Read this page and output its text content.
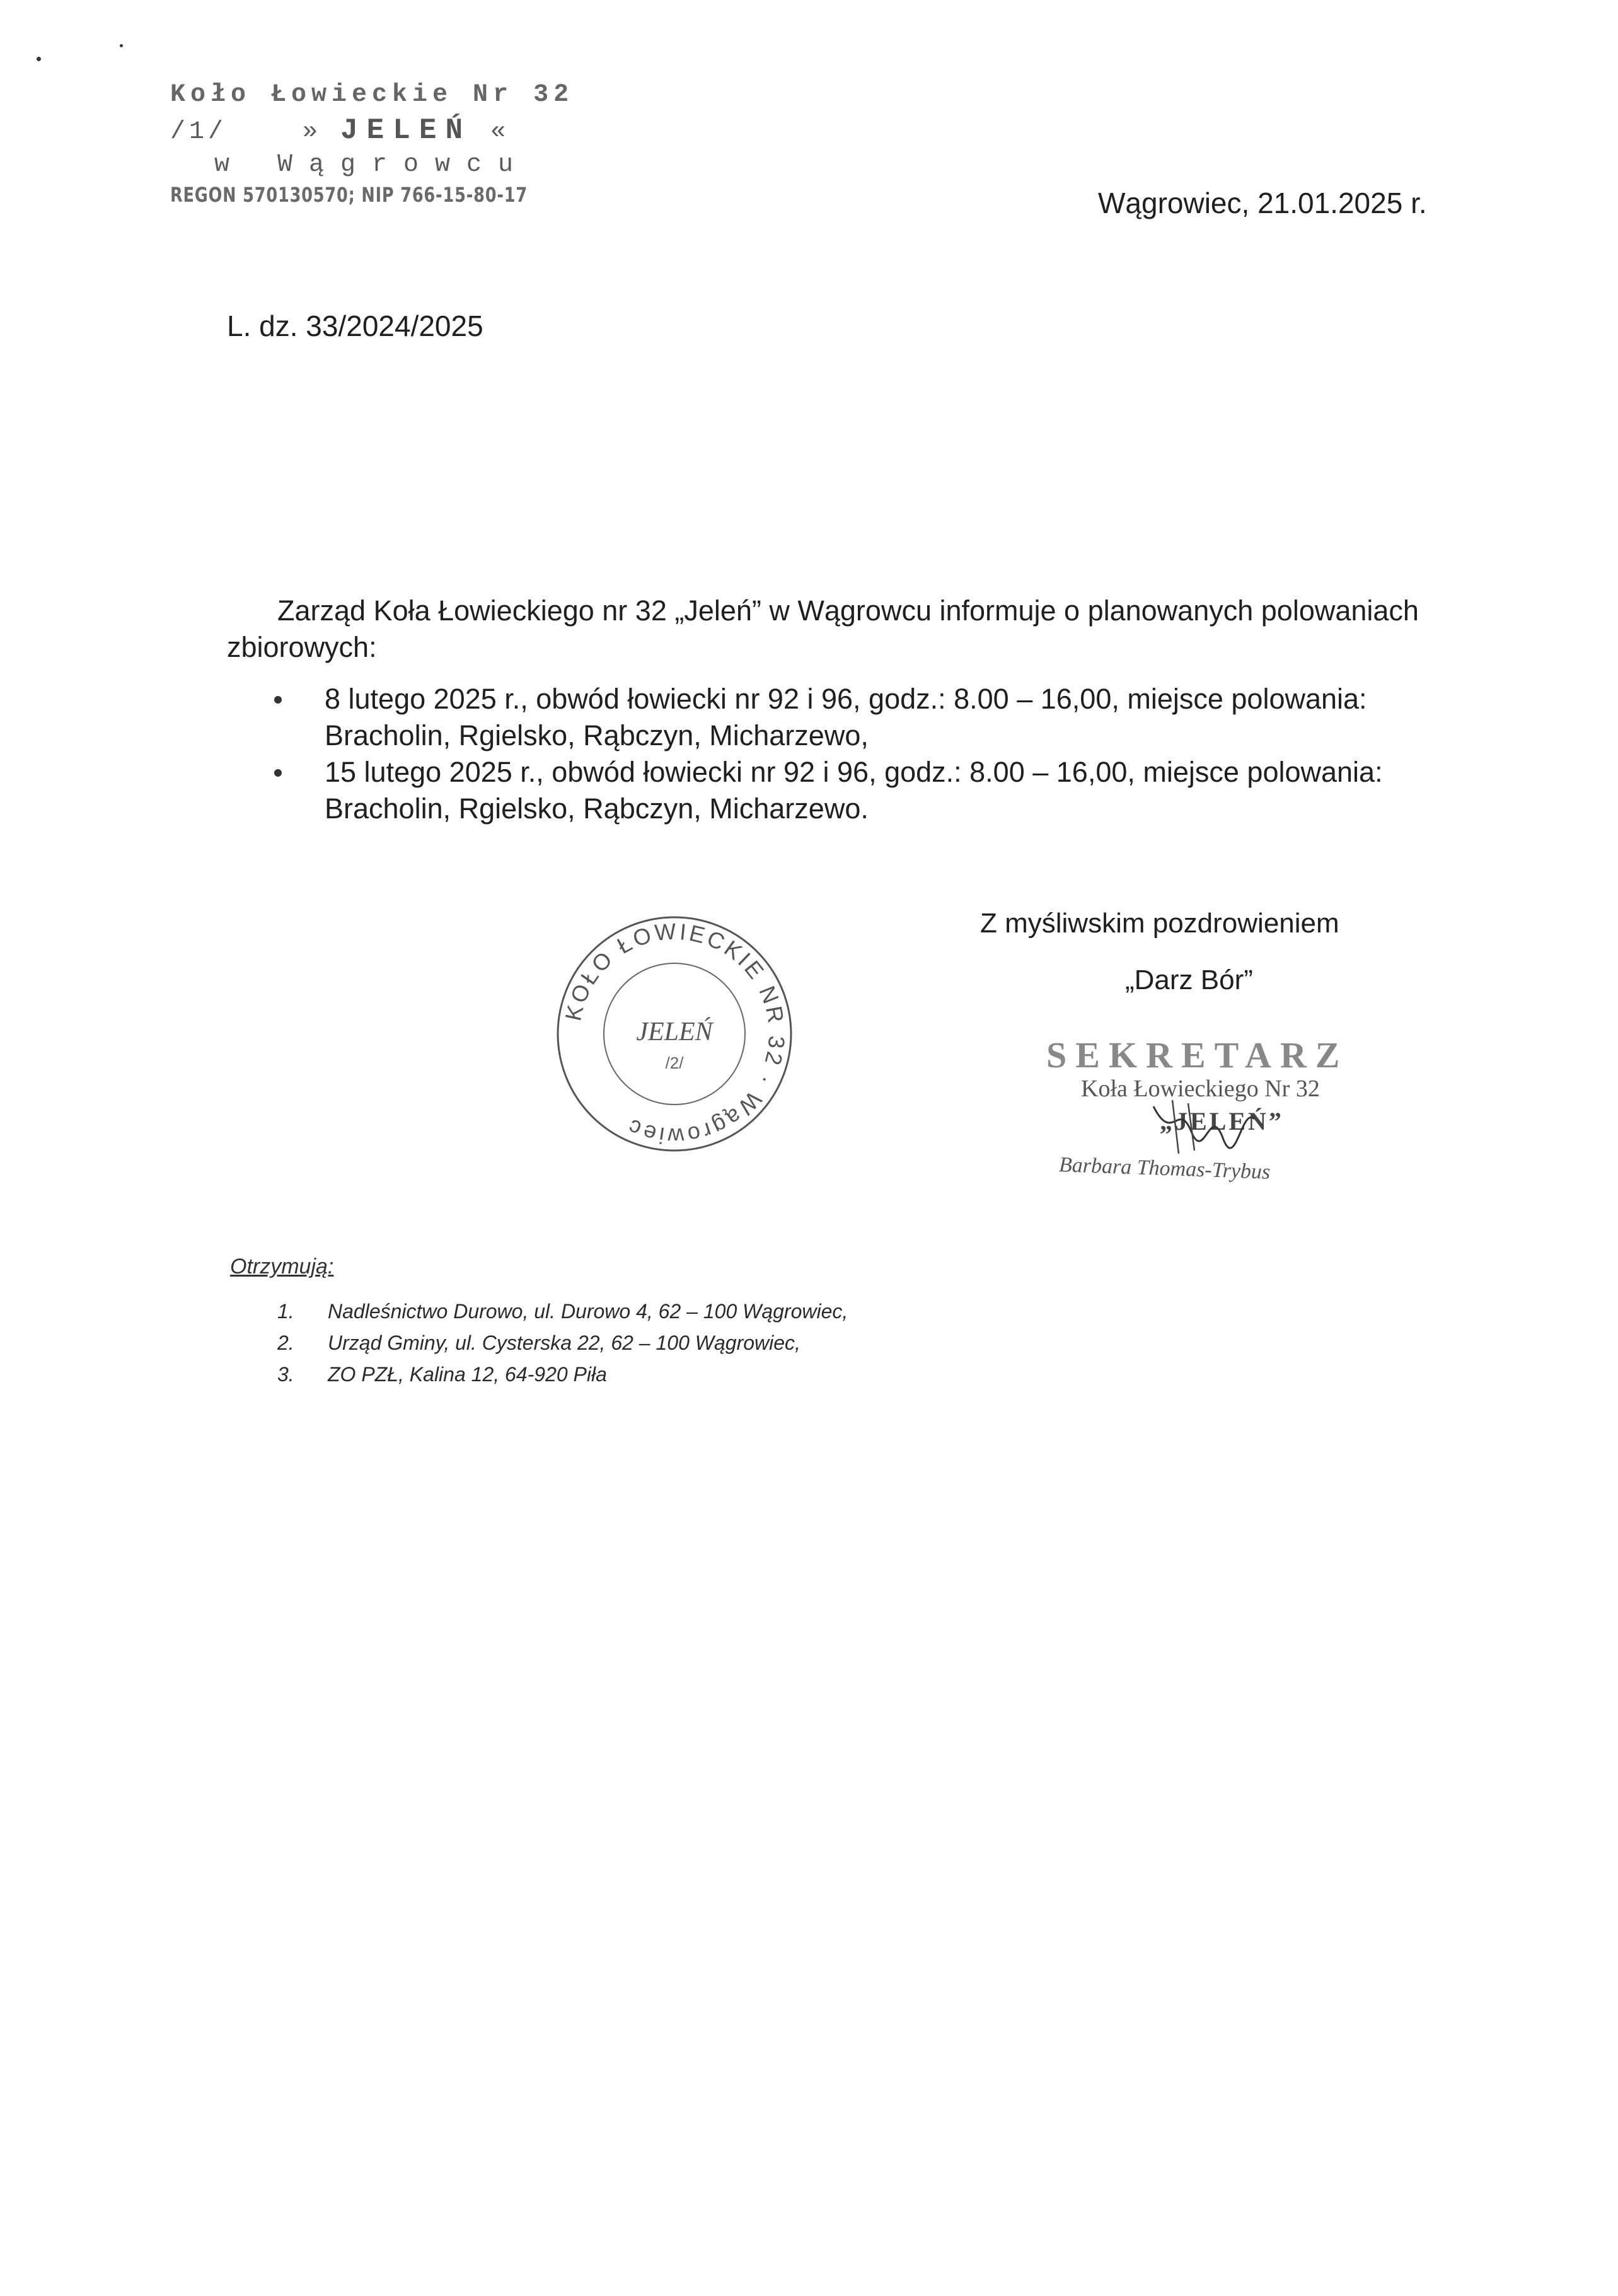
Koło Łowieckie Nr 32
/1/	» JELEŃ «
w Wągrowcu
REGON 570130570; NIP 766-15-80-17	Wągrowiec, 21.01.2025 r.
L. dz. 33/2024/2025
Zarząd Koła Łowieckiego nr 32 „Jeleń” w Wągrowcu informuje o planowanych polowaniach
zbiorowych:
8 lutego 2025 r., obwód łowiecki nr 92 i 96, godz.: 8.00 – 16,00, miejsce polowania:
Bracholin, Rgielsko, Rąbczyn, Micharzewo,
15 lutego 2025 r., obwód łowiecki nr 92 i 96, godz.: 8.00 – 16,00, miejsce polowania:
Bracholin, Rgielsko, Rąbczyn, Micharzewo.
Z myśliwskim pozdrowieniem
„Darz Bór”
KOŁO ŁOWIECKIE NR 32 · Wągrowiec
JELEŃ
/2/	SEKRETARZ
Koła Łowieckiego Nr 32
„JELEŃ”
Barbara Thomas-Trybus
Otrzymują:
1. Nadleśnictwo Durowo, ul. Durowo 4, 62 – 100 Wągrowiec,
2. Urząd Gminy, ul. Cysterska 22, 62 – 100 Wągrowiec,
3. ZO PZŁ, Kalina 12, 64-920 Piła
